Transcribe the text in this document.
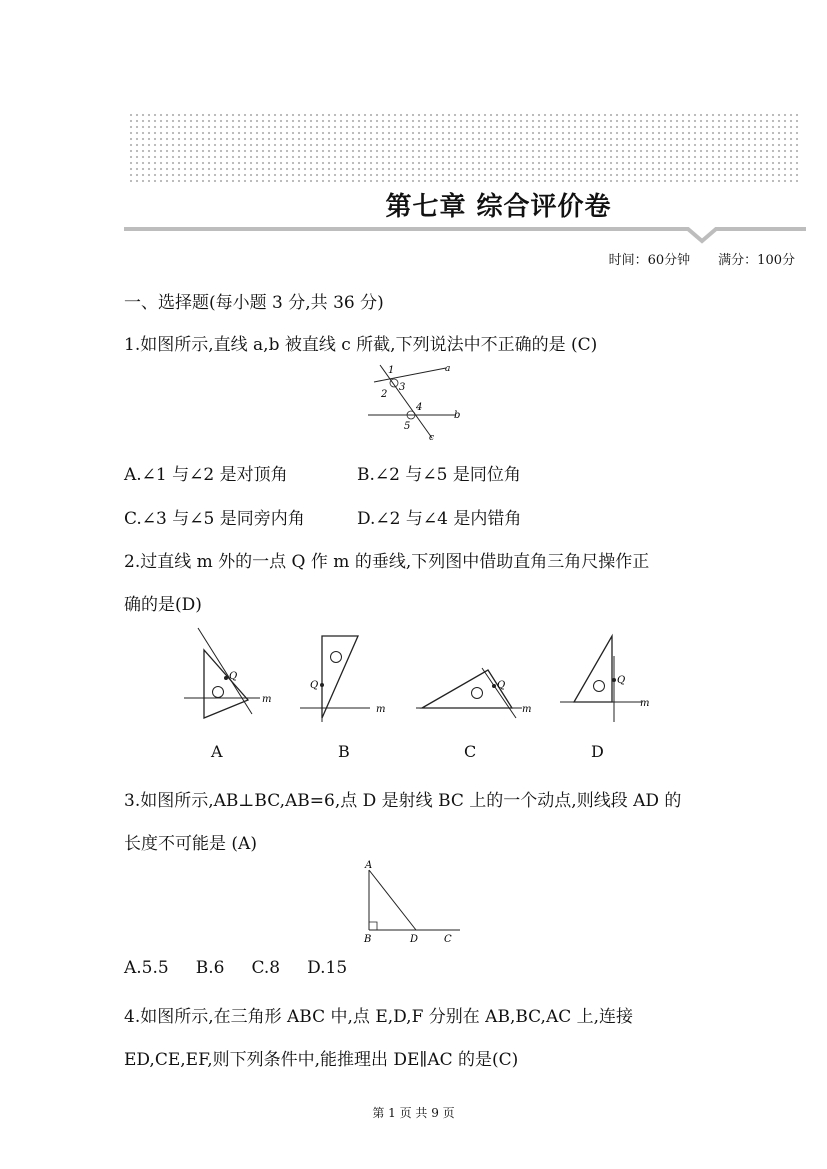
第七章 综合评价卷
时间：60分钟 满分：100分
一、选择题(每小题 3 分,共 36 分)
1.如图所示,直线 a,b 被直线 c 所截,下列说法中不正确的是 (C)
1
2
3
4
5
a
b
c
A.∠1 与∠2 是对顶角	B.∠2 与∠5 是同位角
C.∠3 与∠5 是同旁内角	D.∠2 与∠4 是内错角
2.过直线 m 外的一点 Q 作 m 的垂线,下列图中借助直角三角尺操作正
确的是(D)
Q
m
Q
m
Q
m
Q
m
A	B	C	D
3.如图所示,AB⊥BC,AB=6,点 D 是射线 BC 上的一个动点,则线段 AD 的
长度不可能是 (A)
A
B	D	C
A.5.5     B.6     C.8     D.15
4.如图所示,在三角形 ABC 中,点 E,D,F 分别在 AB,BC,AC 上,连接
ED,CE,EF,则下列条件中,能推理出 DE∥AC 的是(C)
第 1 页 共 9 页
